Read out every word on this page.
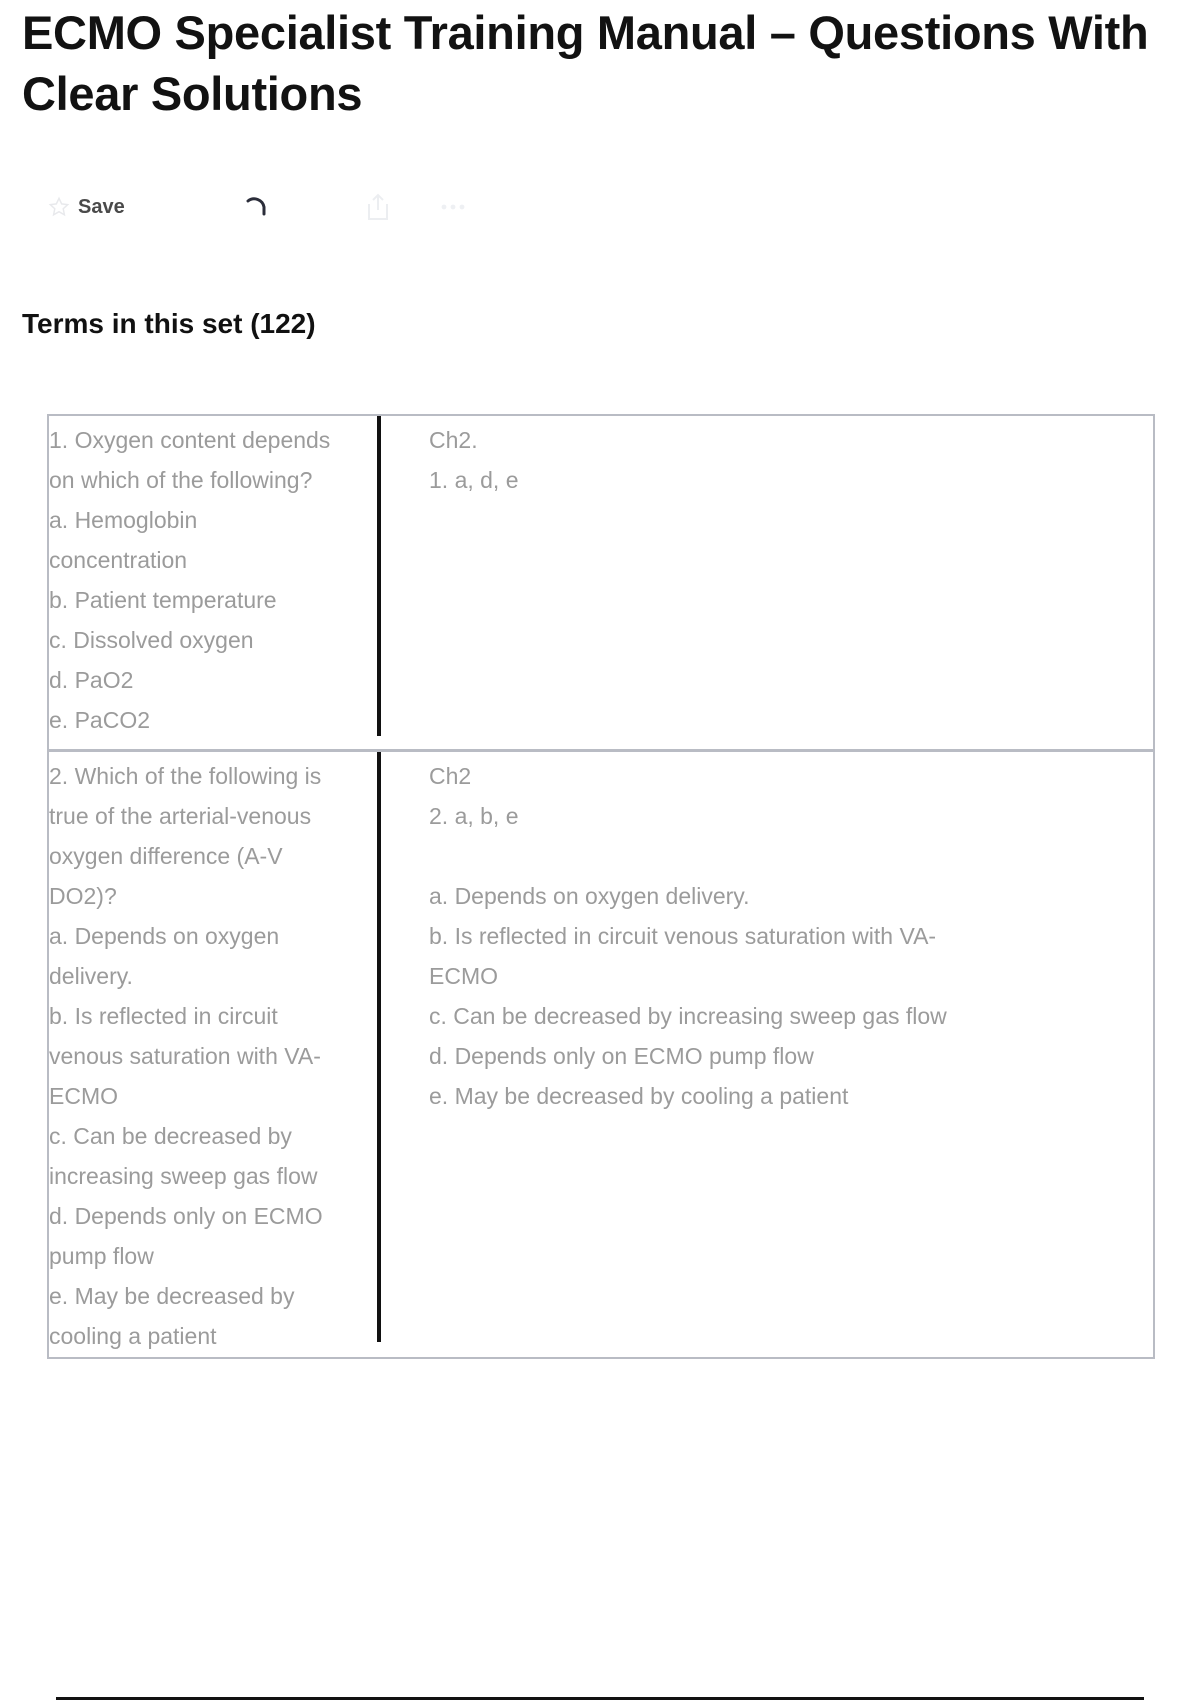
ECMO Specialist Training Manual – Questions With Clear Solutions
Save
Terms in this set (122)
1. Oxygen content depends
on which of the following?
a. Hemoglobin
concentration
b. Patient temperature
c. Dissolved oxygen
d. PaO2
e. PaCO2
Ch2.
1. a, d, e
2. Which of the following is
true of the arterial-venous
oxygen difference (A-V
DO2)?
a. Depends on oxygen
delivery.
b. Is reflected in circuit
venous saturation with VA-
ECMO
c. Can be decreased by
increasing sweep gas flow
d. Depends only on ECMO
pump flow
e. May be decreased by
cooling a patient
Ch2
2. a, b, e
a. Depends on oxygen delivery.
b. Is reflected in circuit venous saturation with VA-
ECMO
c. Can be decreased by increasing sweep gas flow
d. Depends only on ECMO pump flow
e. May be decreased by cooling a patient
